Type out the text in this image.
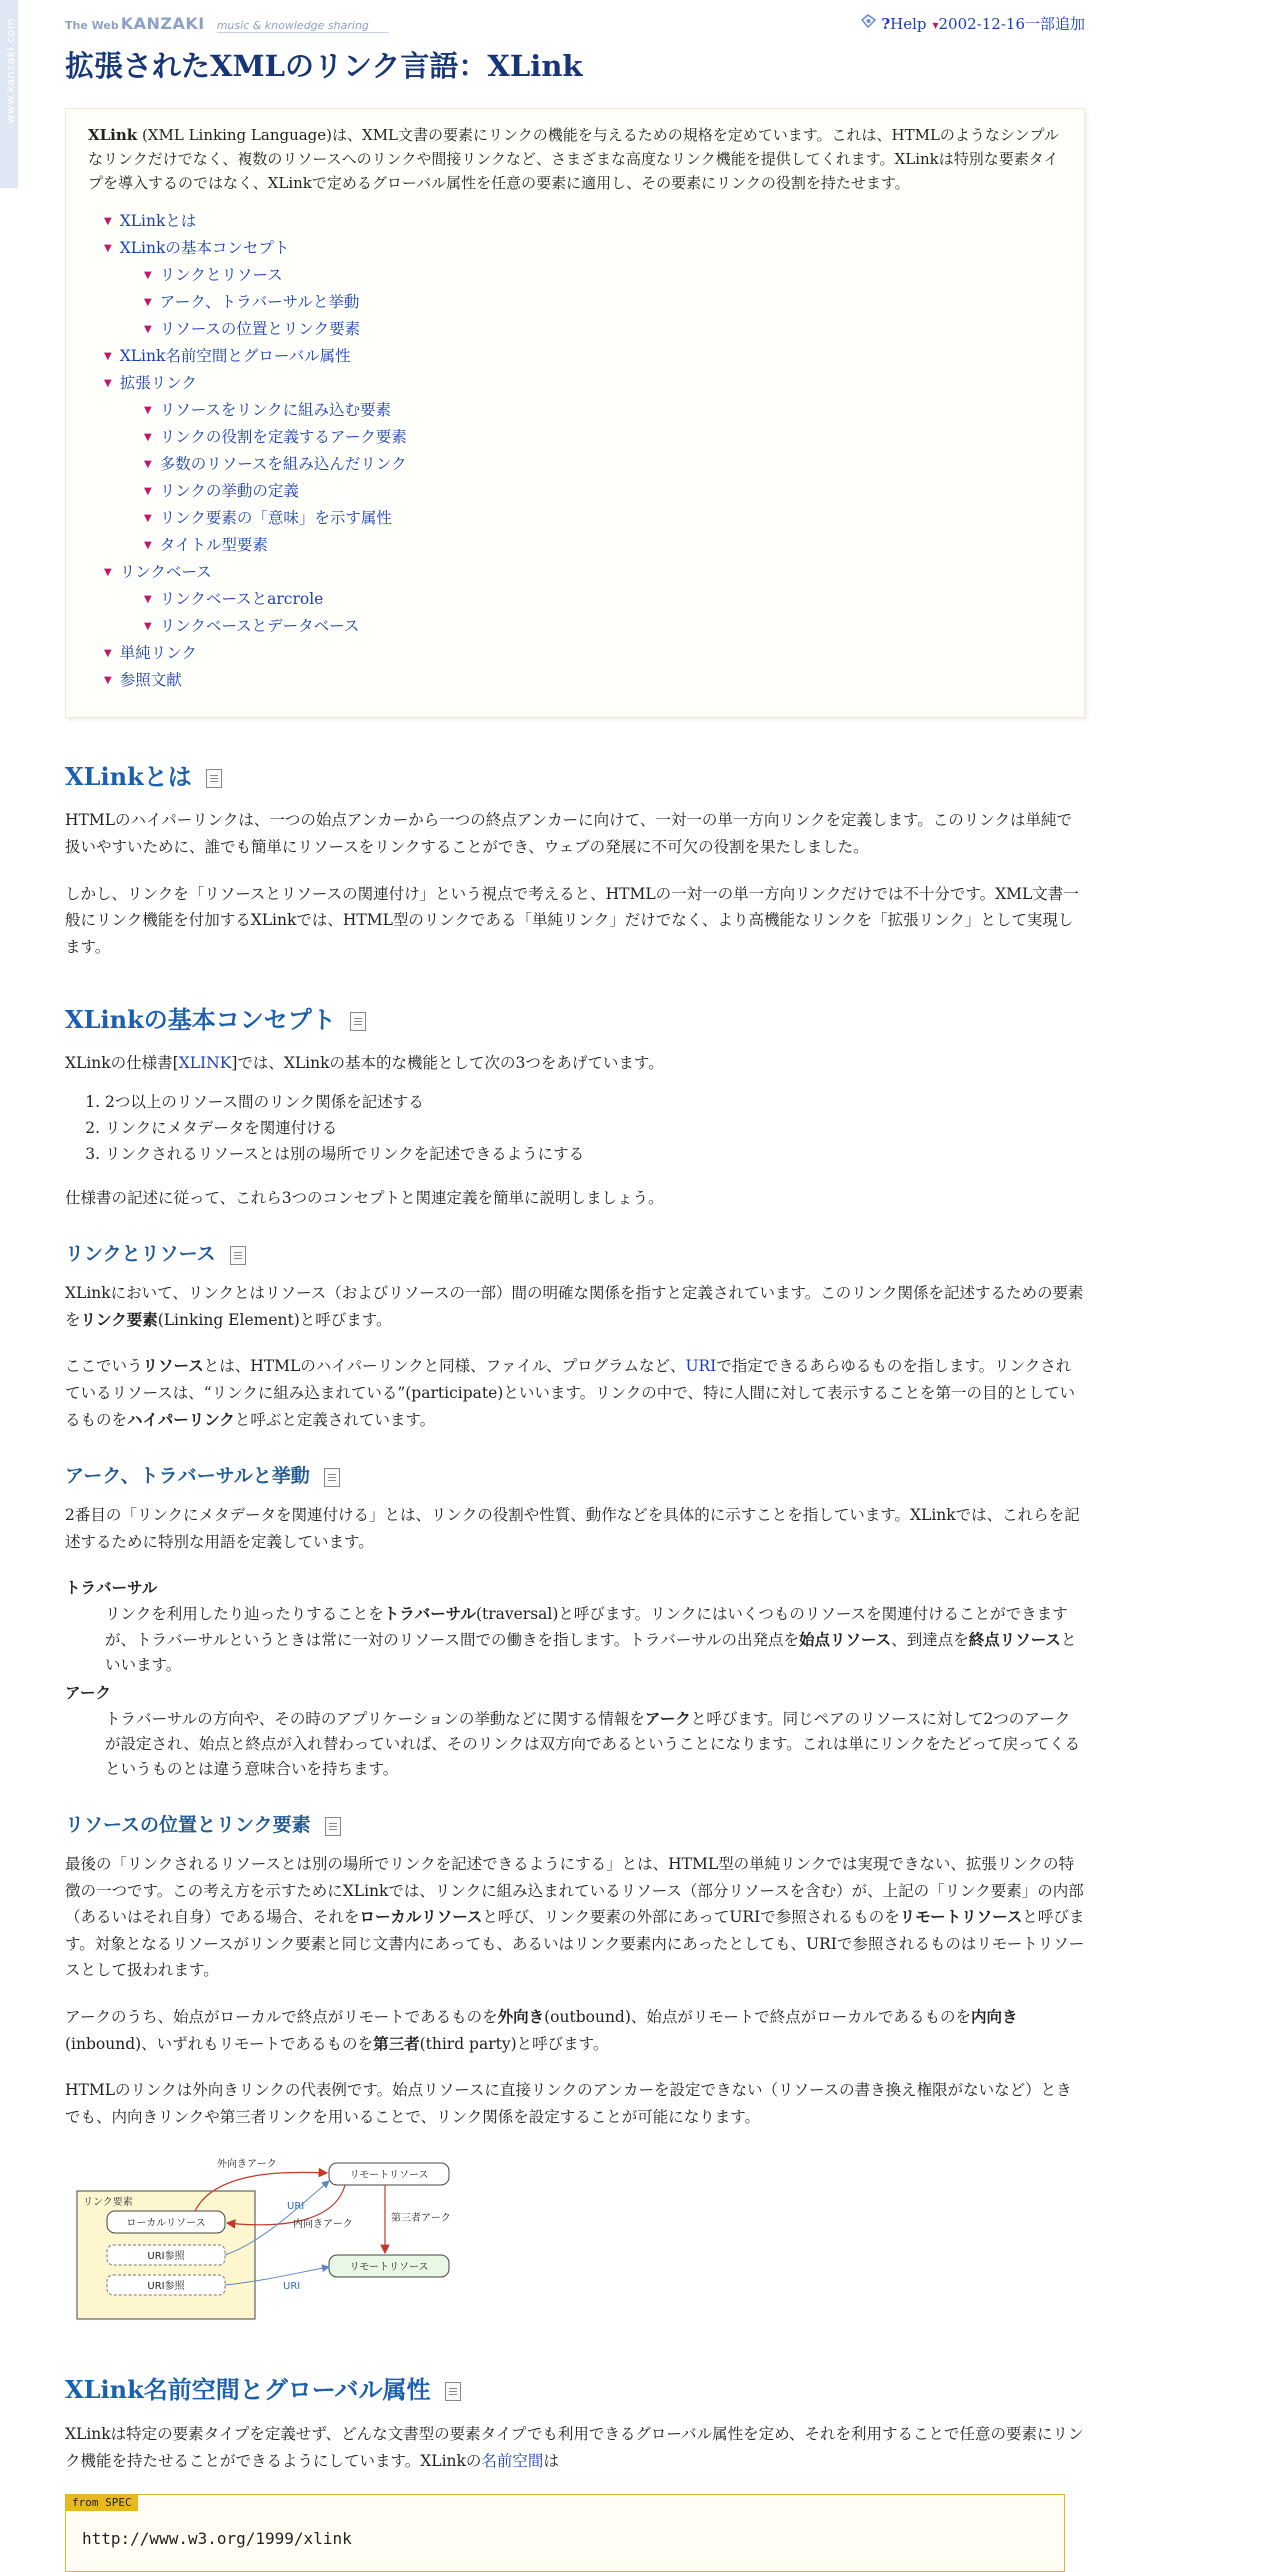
www.kanzaki.com	The Web KANZAKI music & knowledge sharing	?Help ▾2002-12-16一部追加
拡張されたXMLのリンク言語：XLink

XLink (XML Linking Language)は、XML文書の要素にリンクの機能を与えるための規格を定めています。これは、HTMLのようなシンプルなリンクだけでなく、複数のリソースへのリンクや間接リンクなど、さまざまな高度なリンク機能を提供してくれます。XLinkは特別な要素タイプを導入するのではなく、XLinkで定めるグローバル属性を任意の要素に適用し、その要素にリンクの役割を持たせます。

▼ XLinkとは
▼ XLinkの基本コンセプト
▼ リンクとリソース
▼ アーク、トラバーサルと挙動
▼ リソースの位置とリンク要素
▼ XLink名前空間とグローバル属性
▼ 拡張リンク
▼ リソースをリンクに組み込む要素
▼ リンクの役割を定義するアーク要素
▼ 多数のリソースを組み込んだリンク
▼ リンクの挙動の定義
▼ リンク要素の「意味」を示す属性
▼ タイトル型要素
▼ リンクベース
▼ リンクベースとarcrole
▼ リンクベースとデータベース
▼ 単純リンク
▼ 参照文献
XLinkとは

HTMLのハイパーリンクは、一つの始点アンカーから一つの終点アンカーに向けて、一対一の単一方向リンクを定義します。このリンクは単純で扱いやすいために、誰でも簡単にリソースをリンクすることができ、ウェブの発展に不可欠の役割を果たしました。

しかし、リンクを「リソースとリソースの関連付け」という視点で考えると、HTMLの一対一の単一方向リンクだけでは不十分です。XML文書一般にリンク機能を付加するXLinkでは、HTML型のリンクである「単純リンク」だけでなく、より高機能なリンクを「拡張リンク」として実現します。

XLinkの基本コンセプト

XLinkの仕様書[XLINK]では、XLinkの基本的な機能として次の3つをあげています。

1. 2つ以上のリソース間のリンク関係を記述する
2. リンクにメタデータを関連付ける
3. リンクされるリソースとは別の場所でリンクを記述できるようにする

仕様書の記述に従って、これら3つのコンセプトと関連定義を簡単に説明しましょう。

リンクとリソース

XLinkにおいて、リンクとはリソース（およびリソースの一部）間の明確な関係を指すと定義されています。このリンク関係を記述するための要素をリンク要素(Linking Element)と呼びます。

ここでいうリソースとは、HTMLのハイパーリンクと同様、ファイル、プログラムなど、URIで指定できるあらゆるものを指します。リンクされているリソースは、“リンクに組み込まれている”(participate)といいます。リンクの中で、特に人間に対して表示することを第一の目的としているものをハイパーリンクと呼ぶと定義されています。

アーク、トラバーサルと挙動

2番目の「リンクにメタデータを関連付ける」とは、リンクの役割や性質、動作などを具体的に示すことを指しています。XLinkでは、これらを記述するために特別な用語を定義しています。

トラバーサル
リンクを利用したり辿ったりすることをトラバーサル(traversal)と呼びます。リンクにはいくつものリソースを関連付けることができますが、トラバーサルというときは常に一対のリソース間での働きを指します。トラバーサルの出発点を始点リソース、到達点を終点リソースといいます。
アーク
トラバーサルの方向や、その時のアプリケーションの挙動などに関する情報をアークと呼びます。同じペアのリソースに対して2つのアークが設定され、始点と終点が入れ替わっていれば、そのリンクは双方向であるということになります。これは単にリンクをたどって戻ってくるというものとは違う意味合いを持ちます。
リソースの位置とリンク要素

最後の「リンクされるリソースとは別の場所でリンクを記述できるようにする」とは、HTML型の単純リンクでは実現できない、拡張リンクの特徴の一つです。この考え方を示すためにXLinkでは、リンクに組み込まれているリソース（部分リソースを含む）が、上記の「リンク要素」の内部（あるいはそれ自身）である場合、それをローカルリソースと呼び、リンク要素の外部にあってURIで参照されるものをリモートリソースと呼びます。対象となるリソースがリンク要素と同じ文書内にあっても、あるいはリンク要素内にあったとしても、URIで参照されるものはリモートリソースとして扱われます。

アークのうち、始点がローカルで終点がリモートであるものを外向き(outbound)、始点がリモートで終点がローカルであるものを内向き(inbound)、いずれもリモートであるものを第三者(third party)と呼びます。

HTMLのリンクは外向きリンクの代表例です。始点リソースに直接リンクのアンカーを設定できない（リソースの書き換え権限がないなど）ときでも、内向きリンクや第三者リンクを用いることで、リンク関係を設定することが可能になります。

リンク要素
ローカルリソース
URI参照
URI参照
リモートリソース
リモートリソース
外向きアーク
内向きアーク
第三者アーク
URI
URI
XLink名前空間とグローバル属性

XLinkは特定の要素タイプを定義せず、どんな文書型の要素タイプでも利用できるグローバル属性を定め、それを利用することで任意の要素にリンク機能を持たせることができるようにしています。XLinkの名前空間は

from SPEC
http://www.w3.org/1999/xlink
